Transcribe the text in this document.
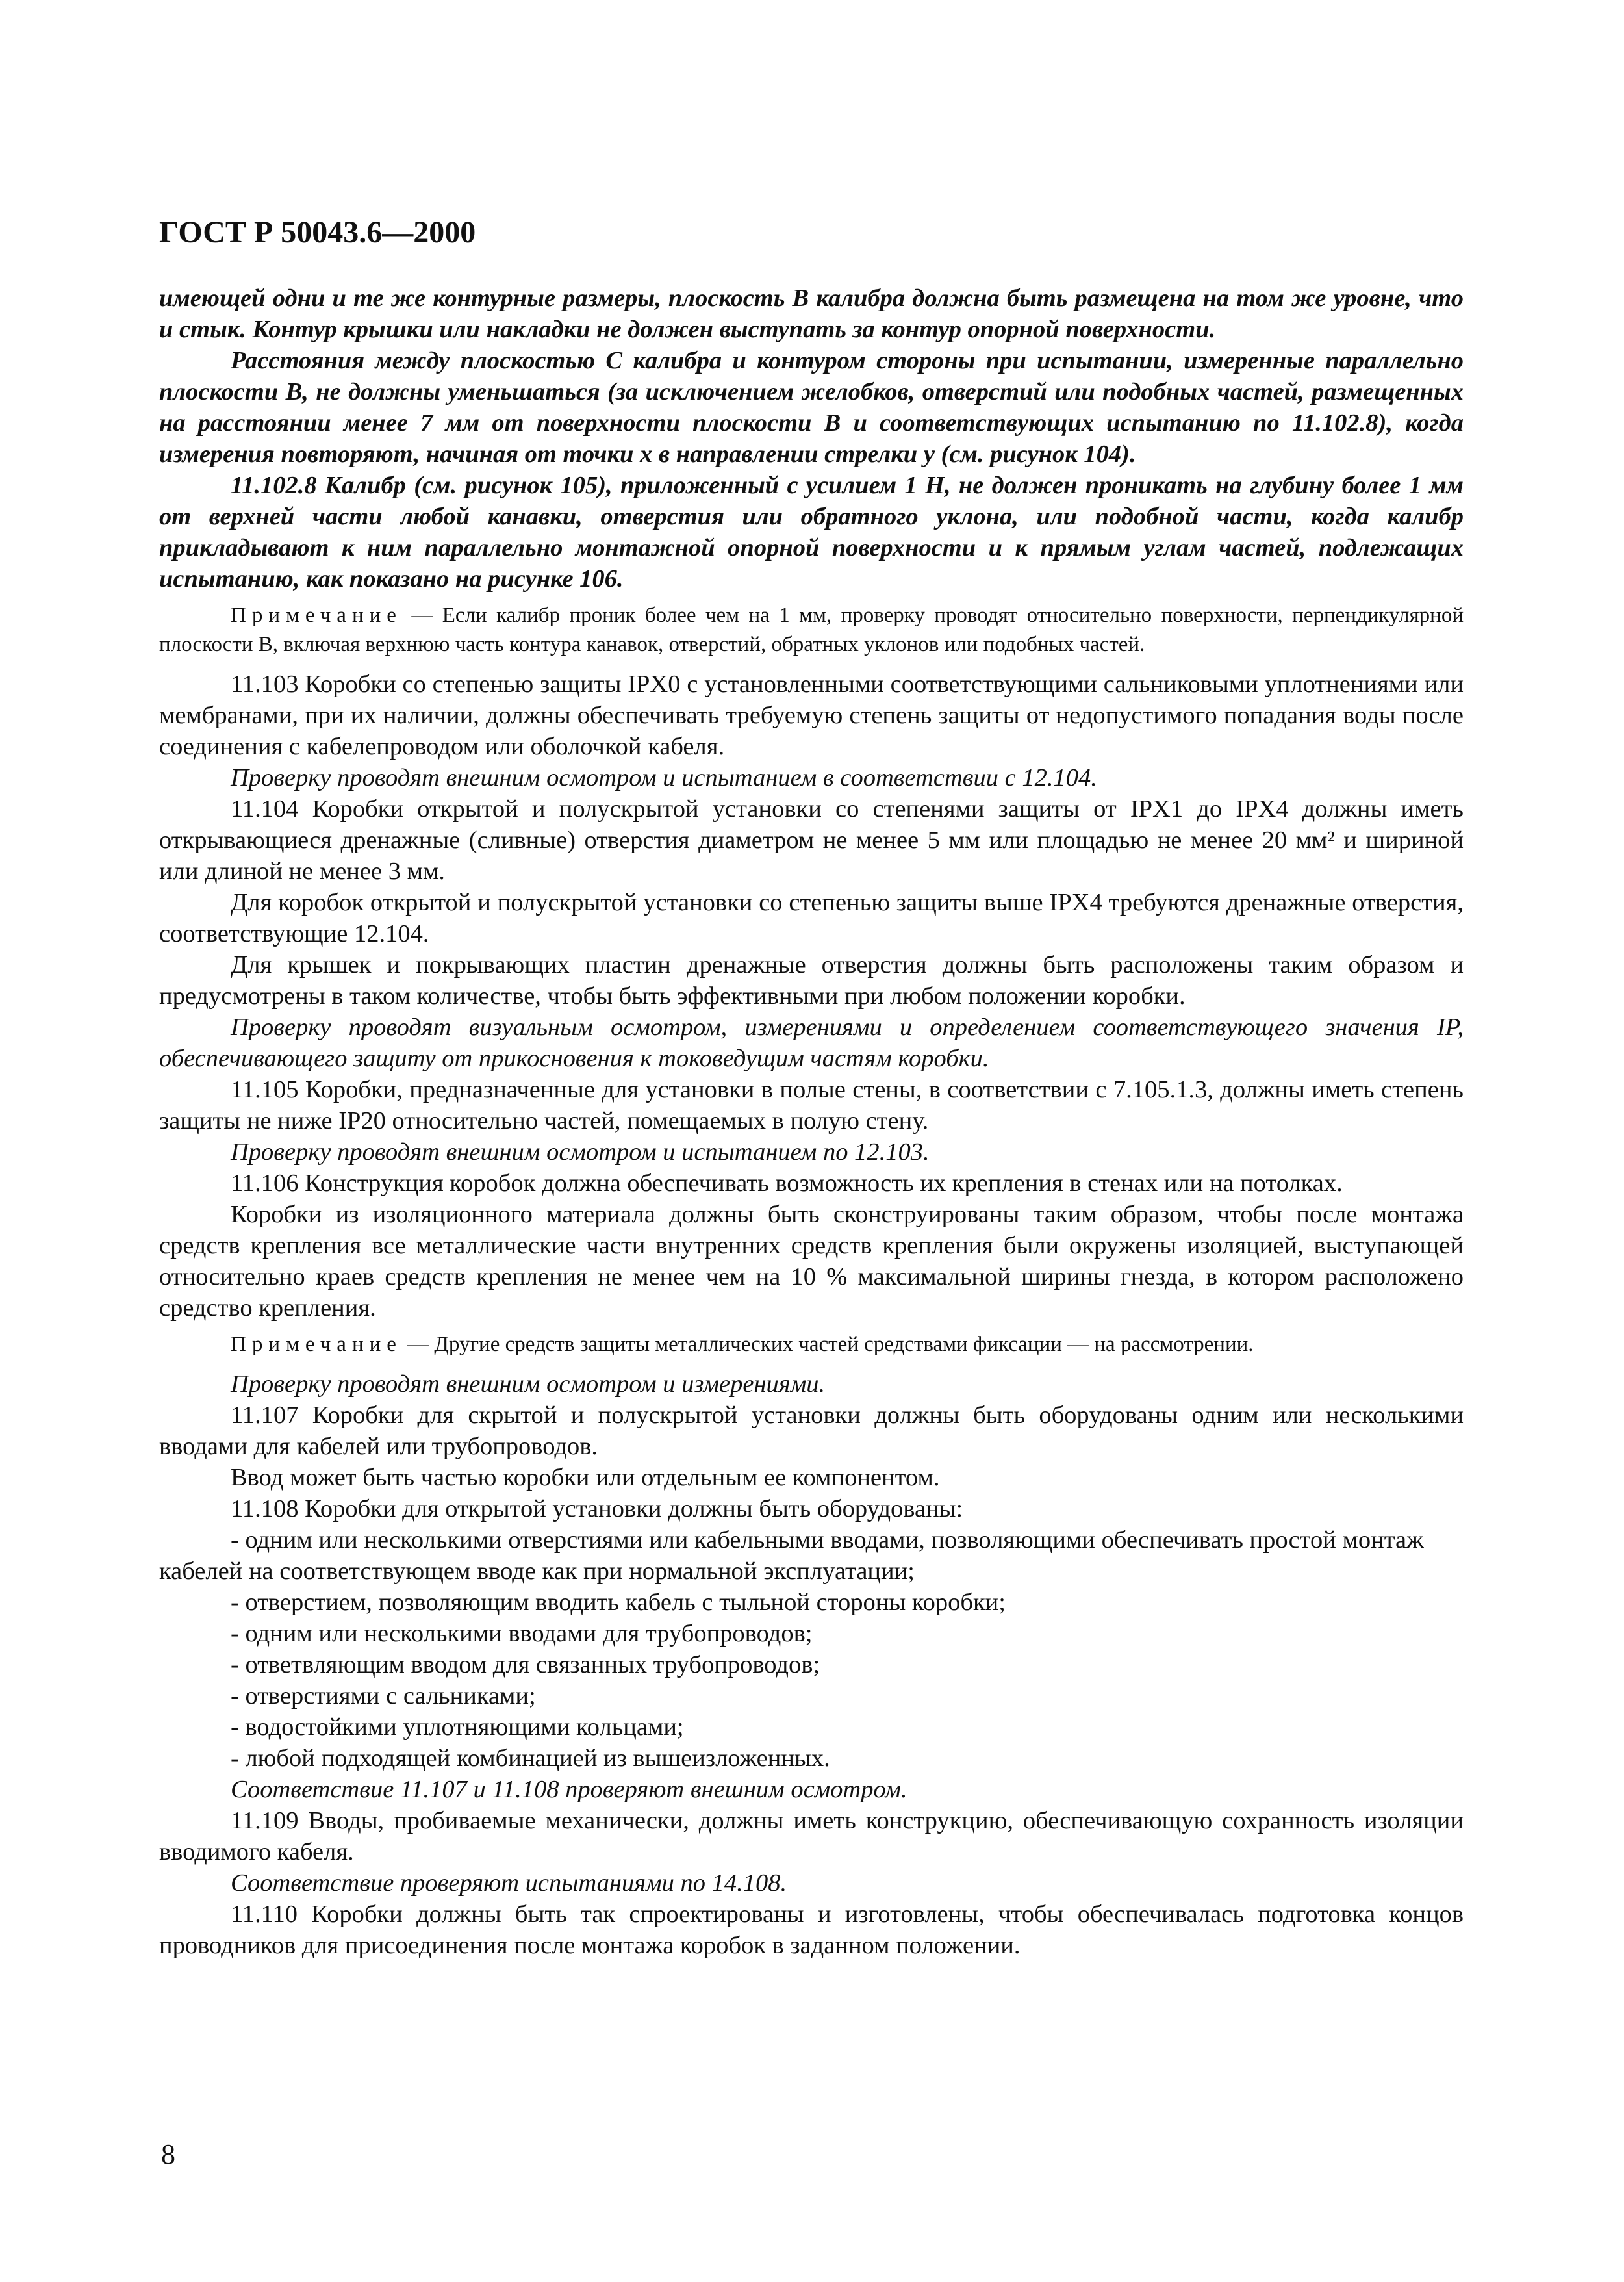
ГОСТ Р 50043.6—2000

имеющей одни и те же контурные размеры, плоскость В калибра должна быть размещена на том же уровне, что и стык. Контур крышки или накладки не должен выступать за контур опорной поверхности.

Расстояния между плоскостью С калибра и контуром стороны при испытании, измеренные параллельно плоскости В, не должны уменьшаться (за исключением желобков, отверстий или подобных частей, размещенных на расстоянии менее 7 мм от поверхности плоскости В и соответствующих испытанию по 11.102.8), когда измерения повторяют, начиная от точки x в направлении стрелки y (см. рисунок 104).

11.102.8 Калибр (см. рисунок 105), приложенный с усилием 1 Н, не должен проникать на глубину более 1 мм от верхней части любой канавки, отверстия или обратного уклона, или подобной части, когда калибр прикладывают к ним параллельно монтажной опорной поверхности и к прямым углам частей, подлежащих испытанию, как показано на рисунке 106.

Примечание — Если калибр проник более чем на 1 мм, проверку проводят относительно поверхности, перпендикулярной плоскости В, включая верхнюю часть контура канавок, отверстий, обратных уклонов или подобных частей.

11.103 Коробки со степенью защиты IPX0 с установленными соответствующими сальниковыми уплотнениями или мембранами, при их наличии, должны обеспечивать требуемую степень защиты от недопустимого попадания воды после соединения с кабелепроводом или оболочкой кабеля.

Проверку проводят внешним осмотром и испытанием в соответствии с 12.104.

11.104 Коробки открытой и полускрытой установки со степенями защиты от IPX1 до IPX4 должны иметь открывающиеся дренажные (сливные) отверстия диаметром не менее 5 мм или площадью не менее 20 мм² и шириной или длиной не менее 3 мм.

Для коробок открытой и полускрытой установки со степенью защиты выше IPX4 требуются дренажные отверстия, соответствующие 12.104.

Для крышек и покрывающих пластин дренажные отверстия должны быть расположены таким образом и предусмотрены в таком количестве, чтобы быть эффективными при любом положении коробки.

Проверку проводят визуальным осмотром, измерениями и определением соответствующего значения IP, обеспечивающего защиту от прикосновения к токоведущим частям коробки.

11.105 Коробки, предназначенные для установки в полые стены, в соответствии с 7.105.1.3, должны иметь степень защиты не ниже IP20 относительно частей, помещаемых в полую стену.

Проверку проводят внешним осмотром и испытанием по 12.103.

11.106 Конструкция коробок должна обеспечивать возможность их крепления в стенах или на потолках.

Коробки из изоляционного материала должны быть сконструированы таким образом, чтобы после монтажа средств крепления все металлические части внутренних средств крепления были окружены изоляцией, выступающей относительно краев средств крепления не менее чем на 10 % максимальной ширины гнезда, в котором расположено средство крепления.

Примечание — Другие средств защиты металлических частей средствами фиксации — на рассмотрении.

Проверку проводят внешним осмотром и измерениями.

11.107 Коробки для скрытой и полускрытой установки должны быть оборудованы одним или несколькими вводами для кабелей или трубопроводов.

Ввод может быть частью коробки или отдельным ее компонентом.

11.108 Коробки для открытой установки должны быть оборудованы:

- одним или несколькими отверстиями или кабельными вводами, позволяющими обеспечивать простой монтаж кабелей на соответствующем вводе как при нормальной эксплуатации;

- отверстием, позволяющим вводить кабель с тыльной стороны коробки;

- одним или несколькими вводами для трубопроводов;

- ответвляющим вводом для связанных трубопроводов;

- отверстиями с сальниками;

- водостойкими уплотняющими кольцами;

- любой подходящей комбинацией из вышеизложенных.

Соответствие 11.107 и 11.108 проверяют внешним осмотром.

11.109 Вводы, пробиваемые механически, должны иметь конструкцию, обеспечивающую сохранность изоляции вводимого кабеля.

Соответствие проверяют испытаниями по 14.108.

11.110 Коробки должны быть так спроектированы и изготовлены, чтобы обеспечивалась подготовка концов проводников для присоединения после монтажа коробок в заданном положении.

8
